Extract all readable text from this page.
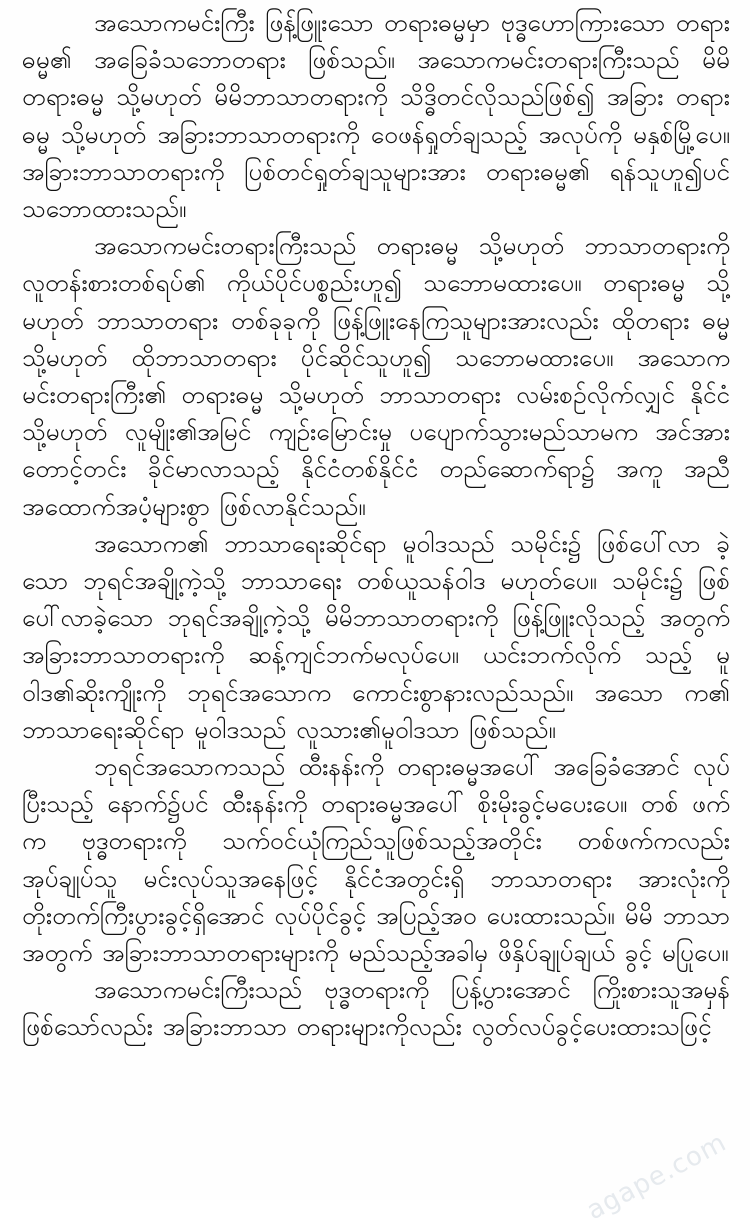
အသောကမင်းကြီး ဖြန့်ဖြူးသော တရားဓမ္မမှာ ဗုဒ္ဓဟောကြားသော တရားဓမ္မ၏ အခြေခံသဘောတရား ဖြစ်သည်။ အသောကမင်းတရားကြီးသည် မိမိတရားဓမ္မ သို့မဟုတ် မိမိဘာသာတရားကို သိဒ္ဓိတင်လိုသည်ဖြစ်၍ အခြား တရားဓမ္မ သို့မဟုတ် အခြားဘာသာတရားကို ဝေဖန်ရှုတ်ချသည့် အလုပ်ကို မနှစ်မြို့ပေ။ အခြားဘာသာတရားကို ပြစ်တင်ရှုတ်ချသူများအား တရားဓမ္မ၏ ရန်သူဟူ၍ပင် သဘောထားသည်။

အသောကမင်းတရားကြီးသည် တရားဓမ္မ သို့မဟုတ် ဘာသာတရားကို လူတန်းစားတစ်ရပ်၏ ကိုယ်ပိုင်ပစ္စည်းဟူ၍ သဘောမထားပေ။ တရားဓမ္မ သို့ မဟုတ် ဘာသာတရား တစ်ခုခုကို ဖြန့်ဖြူးနေကြသူများအားလည်း ထိုတရား ဓမ္မ သို့မဟုတ် ထိုဘာသာတရား ပိုင်ဆိုင်သူဟူ၍ သဘောမထားပေ။ အသောက မင်းတရားကြီး၏ တရားဓမ္မ သို့မဟုတ် ဘာသာတရား လမ်းစဉ်လိုက်လျှင် နိုင်ငံ သို့မဟုတ် လူမျိုး၏အမြင် ကျဉ်းမြောင်းမှု ပပျောက်သွားမည်သာမက အင်အားတောင့်တင်း ခိုင်မာလာသည့် နိုင်ငံတစ်နိုင်ငံ တည်ဆောက်ရာ၌ အကူ အညီ အထောက်အပံ့များစွာ ဖြစ်လာနိုင်သည်။

အသောက၏ ဘာသာရေးဆိုင်ရာ မူဝါဒသည် သမိုင်း၌ ဖြစ်ပေါ်လာ ခဲ့သော ဘုရင်အချို့ကဲ့သို့ ဘာသာရေး တစ်ယူသန်ဝါဒ မဟုတ်ပေ။ သမိုင်း၌ ဖြစ်ပေါ်လာခဲ့သော ဘုရင်အချို့ကဲ့သို့ မိမိဘာသာတရားကို ဖြန့်ဖြူးလိုသည့် အတွက် အခြားဘာသာတရားကို ဆန့်ကျင်ဘက်မလုပ်ပေ။ ယင်းဘက်လိုက် သည့် မူဝါဒ၏ဆိုးကျိုးကို ဘုရင်အသောက ကောင်းစွာနားလည်သည်။ အသော က၏ ဘာသာရေးဆိုင်ရာ မူဝါဒသည် လူသား၏မူဝါဒသာ ဖြစ်သည်။

ဘုရင်အသောကသည် ထီးနန်းကို တရားဓမ္မအပေါ် အခြေခံအောင် လုပ်ပြီးသည့် နောက်၌ပင် ထီးနန်းကို တရားဓမ္မအပေါ် စိုးမိုးခွင့်မပေးပေ။ တစ် ဖက်က ဗုဒ္ဓတရားကို သက်ဝင်ယုံကြည်သူဖြစ်သည့်အတိုင်း တစ်ဖက်ကလည်း အုပ်ချုပ်သူ မင်းလုပ်သူအနေဖြင့် နိုင်ငံအတွင်းရှိ ဘာသာတရား အားလုံးကို တိုးတက်ကြီးပွားခွင့်ရှိအောင် လုပ်ပိုင်ခွင့် အပြည့်အဝ ပေးထားသည်။ မိမိ ဘာသာအတွက် အခြားဘာသာတရားများကို မည်သည့်အခါမှ ဖိနှိပ်ချုပ်ချယ် ခွင့် မပြုပေ။

အသောကမင်းကြီးသည် ဗုဒ္ဓတရားကို ပြန့်ပွားအောင် ကြိုးစားသူအမှန် ဖြစ်သော်လည်း အခြားဘာသာ တရားများကိုလည်း လွတ်လပ်ခွင့်ပေးထားသဖြင့်

agape.com
